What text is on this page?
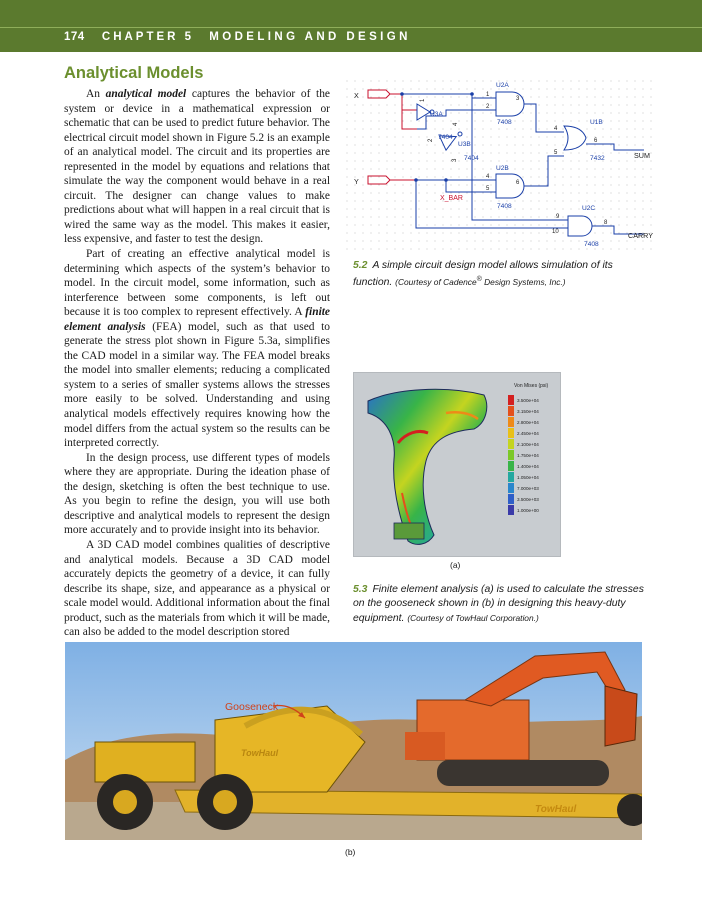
174 CHAPTER 5 MODELING AND DESIGN
Analytical Models

An analytical model captures the behavior of the system or device in a mathematical expression or schematic that can be used to predict future behavior. The electrical circuit model shown in Figure 5.2 is an example of an analytical model. The circuit and its properties are represented in the model by equations and relations that simulate the way the component would behave in a real circuit. The designer can change values to make predictions about what will happen in a real circuit that is wired the same way as the model. This makes it easier, less expensive, and faster to test the design.

Part of creating an effective analytical model is determining which aspects of the system’s behavior to model. In the circuit model, some information, such as interference between some components, is left out because it is too complex to represent effectively. A finite element analysis (FEA) model, such as that used to generate the stress plot shown in Figure 5.3a, simplifies the CAD model in a similar way. The FEA model breaks the model into smaller elements; reducing a complicated system to a series of smaller systems allows the stresses more easily to be solved. Understanding and using analytical models effectively requires knowing how the model differs from the actual system so the results can be interpreted correctly.

In the design process, use different types of models where they are appropriate. During the ideation phase of the design, sketching is often the best technique to use. As you begin to refine the design, you will use both descriptive and analytical models to represent the design more accurately and to provide insight into its behavior.

A 3D CAD model combines qualities of descriptive and analytical models. Because a 3D CAD model accurately depicts the geometry of a device, it can fully describe its shape, size, and appearance as a physical or scale model would. Additional information about the final product, such as the materials from which it will be made, can also be added to the model description stored

X
Y
SUM
CARRY
X_BAR
U3A
7404
U3B
7404
U2A
7408
U2B
7408
U1B
7432
U2C
7408
1
2
4
3
1
2
3
4
5
6
4
5
6
9
10
8
5.2 A simple circuit design model allows simulation of its function. (Courtesy of Cadence® Design Systems, Inc.)
Von Mises (psi)
3.500e+04
3.150e+04
2.800e+04
2.450e+04
2.100e+04
1.750e+04
1.400e+04
1.050e+04
7.000e+03
3.500e+03
1.000e+00
(a)
5.3 Finite element analysis (a) is used to calculate the stresses on the gooseneck shown in (b) in designing this heavy-duty equipment. (Courtesy of TowHaul Corporation.)
TowHaul
TowHaul
Gooseneck
(b)
